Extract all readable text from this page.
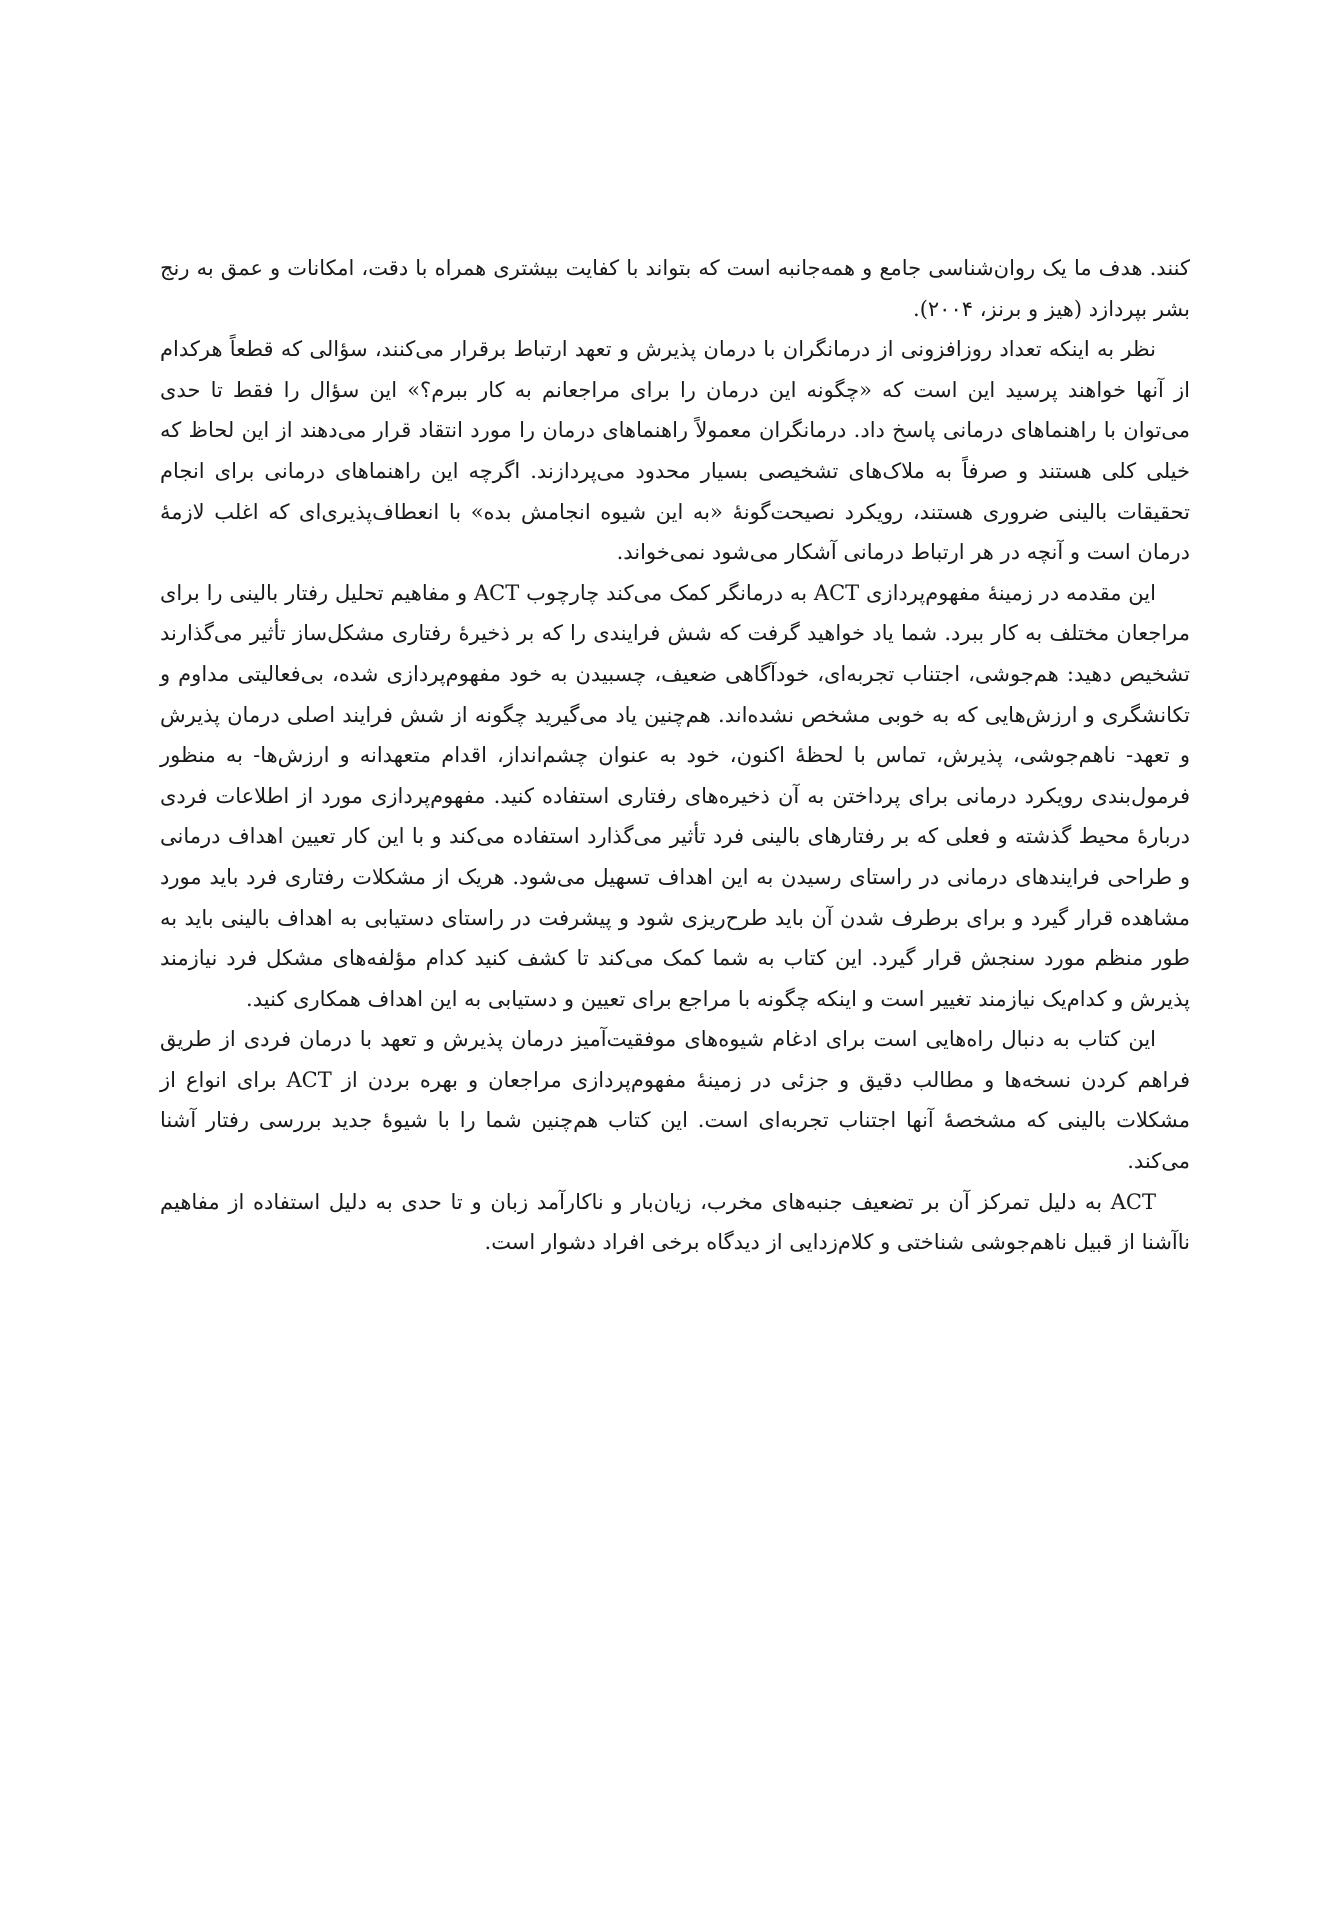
کنند. هدف ما یک روان‌شناسی جامع و همه‌جانبه است که بتواند با کفایت بیشتری همراه با دقت، امکانات و عمق به رنج بشر بپردازد (هیز و برنز، ۲۰۰۴).

نظر به اینکه تعداد روزافزونی از درمانگران با درمان پذیرش و تعهد ارتباط برقرار می‌کنند، سؤالی که قطعاً هرکدام از آنها خواهند پرسید این است که «چگونه این درمان را برای مراجعانم به کار ببرم؟» این سؤال را فقط تا حدی می‌توان با راهنماهای درمانی پاسخ داد. درمانگران معمولاً راهنماهای درمان را مورد انتقاد قرار می‌دهند از این لحاظ که خیلی کلی هستند و صرفاً به ملاک‌های تشخیصی بسیار محدود می‌پردازند. اگرچه این راهنماهای درمانی برای انجام تحقیقات بالینی ضروری هستند، رویکرد نصیحت‌گونهٔ «به این شیوه انجامش بده» با انعطاف‌پذیری‌ای که اغلب لازمهٔ درمان است و آنچه در هر ارتباط درمانی آشکار می‌شود نمی‌خواند.

این مقدمه در زمینهٔ مفهوم‌پردازی ACT به درمانگر کمک می‌کند چارچوب ACT و مفاهیم تحلیل رفتار بالینی را برای مراجعان مختلف به کار ببرد. شما یاد خواهید گرفت که شش فرایندی را که بر ذخیرهٔ رفتاری مشکل‌ساز تأثیر می‌گذارند تشخیص دهید: هم‌جوشی، اجتناب تجربه‌ای، خودآگاهی ضعیف، چسبیدن به خود مفهوم‌پردازی شده، بی‌فعالیتی مداوم و تکانشگری و ارزش‌هایی که به خوبی مشخص نشده‌اند. هم‌چنین یاد می‌گیرید چگونه از شش فرایند اصلی درمان پذیرش و تعهد- ناهم‌جوشی، پذیرش، تماس با لحظهٔ اکنون، خود به عنوان چشم‌انداز، اقدام متعهدانه و ارزش‌ها- به منظور فرمول‌بندی رویکرد درمانی برای پرداختن به آن ذخیره‌های رفتاری استفاده کنید. مفهوم‌پردازی مورد از اطلاعات فردی دربارهٔ محیط گذشته و فعلی که بر رفتارهای بالینی فرد تأثیر می‌گذارد استفاده می‌کند و با این کار تعیین اهداف درمانی و طراحی فرایندهای درمانی در راستای رسیدن به این اهداف تسهیل می‌شود. هریک از مشکلات رفتاری فرد باید مورد مشاهده قرار گیرد و برای برطرف شدن آن باید طرح‌ریزی شود و پیشرفت در راستای دستیابی به اهداف بالینی باید به طور منظم مورد سنجش قرار گیرد. این کتاب به شما کمک می‌کند تا کشف کنید کدام مؤلفه‌های مشکل فرد نیازمند پذیرش و کدام‌یک نیازمند تغییر است و اینکه چگونه با مراجع برای تعیین و دستیابی به این اهداف همکاری کنید.

این کتاب به دنبال راه‌هایی است برای ادغام شیوه‌های موفقیت‌آمیز درمان پذیرش و تعهد با درمان فردی از طریق فراهم کردن نسخه‌ها و مطالب دقیق و جزئی در زمینهٔ مفهوم‌پردازی مراجعان و بهره بردن از ACT برای انواع از مشکلات بالینی که مشخصهٔ آنها اجتناب تجربه‌ای است. این کتاب هم‌چنین شما را با شیوهٔ جدید بررسی رفتار آشنا می‌کند.

ACT به دلیل تمرکز آن بر تضعیف جنبه‌های مخرب، زیان‌بار و ناکارآمد زبان و تا حدی به دلیل استفاده از مفاهیم ناآشنا از قبیل ناهم‌جوشی شناختی و کلام‌زدایی از دیدگاه برخی افراد دشوار است.
